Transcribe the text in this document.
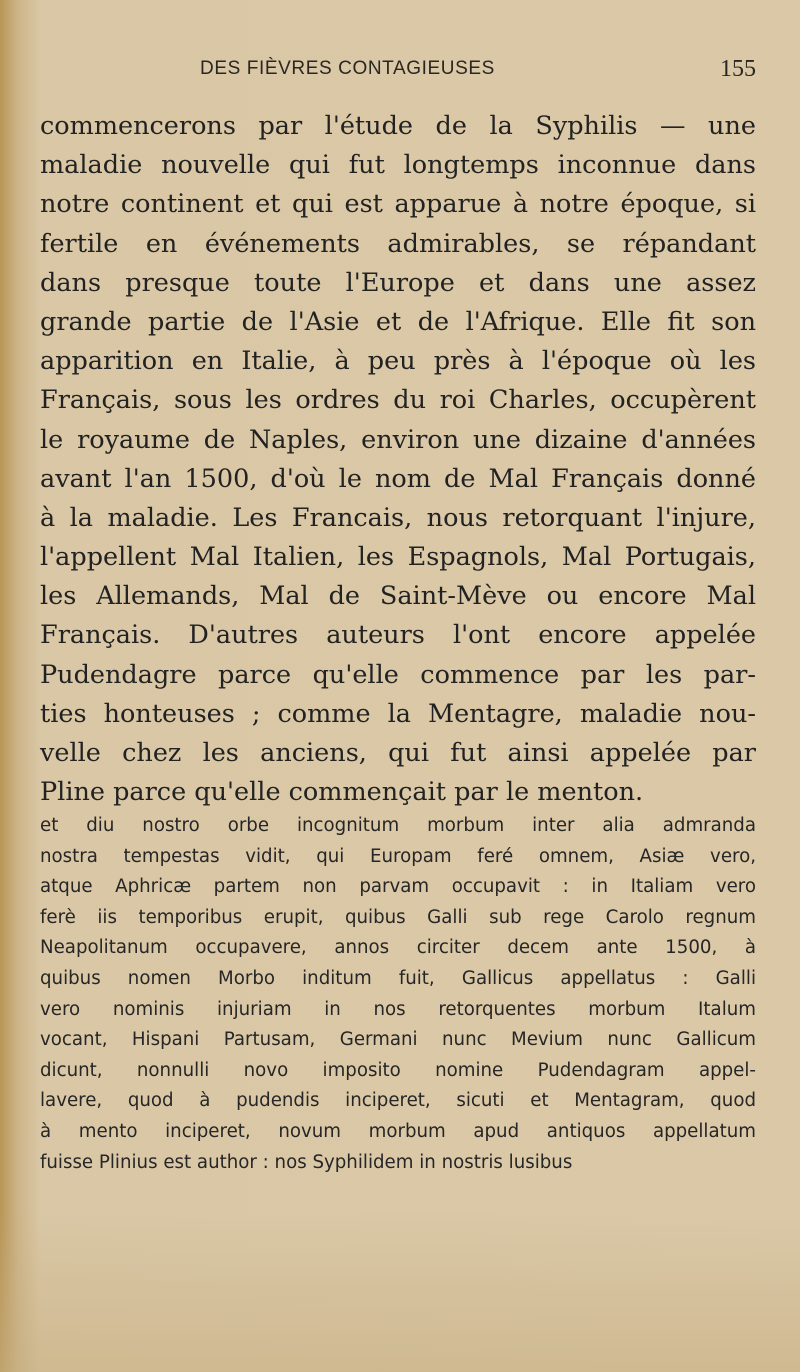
DES FIÈVRES CONTAGIEUSES	155
commencerons par l'étude de la Syphilis — une
maladie nouvelle qui fut longtemps inconnue dans
notre continent et qui est apparue à notre époque, si
fertile en événements admirables, se répandant
dans presque toute l'Europe et dans une assez
grande partie de l'Asie et de l'Afrique. Elle fit son
apparition en Italie, à peu près à l'époque où les
Français, sous les ordres du roi Charles, occupèrent
le royaume de Naples, environ une dizaine d'années
avant l'an 1500, d'où le nom de Mal Français donné
à la maladie. Les Francais, nous retorquant l'injure,
l'appellent Mal Italien, les Espagnols, Mal Portugais,
les Allemands, Mal de Saint-Mève ou encore Mal
Français. D'autres auteurs l'ont encore appelée
Pudendagre parce qu'elle commence par les par-
ties honteuses ; comme la Mentagre, maladie nou-
velle chez les anciens, qui fut ainsi appelée par
Pline parce qu'elle commençait par le menton.
et diu nostro orbe incognitum morbum inter alia admranda
nostra tempestas vidit, qui Europam feré omnem, Asiæ vero,
atque Aphricæ partem non parvam occupavit : in Italiam vero
ferè iis temporibus erupit, quibus Galli sub rege Carolo regnum
Neapolitanum occupavere, annos circiter decem ante 1500, à
quibus nomen Morbo inditum fuit, Gallicus appellatus : Galli
vero nominis injuriam in nos retorquentes morbum Italum
vocant, Hispani Partusam, Germani nunc Mevium nunc Gallicum
dicunt, nonnulli novo imposito nomine Pudendagram appel-
lavere, quod à pudendis inciperet, sicuti et Mentagram, quod
à mento inciperet, novum morbum apud antiquos appellatum
fuisse Plinius est author : nos Syphilidem in nostris lusibus
